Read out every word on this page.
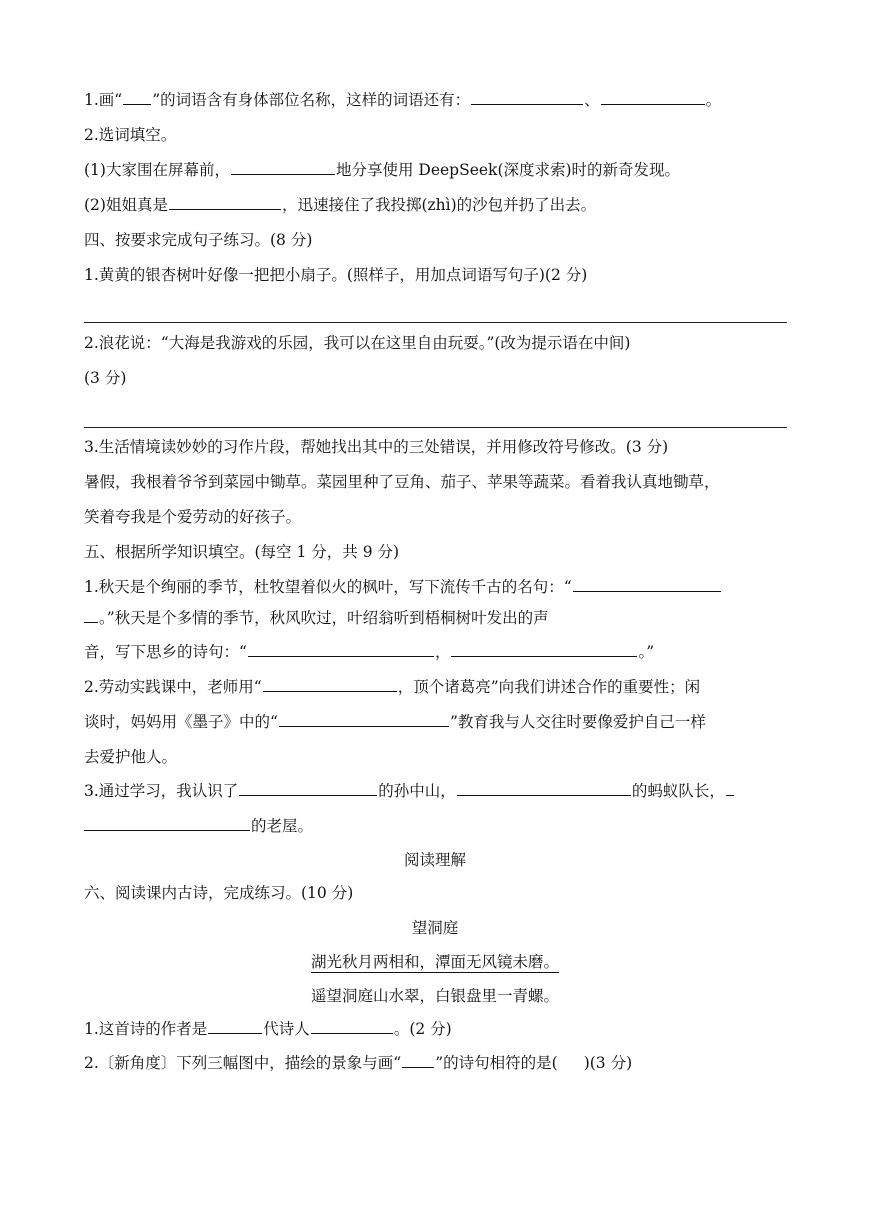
1.画“ ”的词语含有身体部位名称，这样的词语还有：	、	。
2.选词填空。
(1)大家围在屏幕前，	地分享使用 DeepSeek(深度求索)时的新奇发现。
(2)姐姐真是	，迅速接住了我投掷(zhì)的沙包并扔了出去。
四、按要求完成句子练习。(8 分)
1.黄黄的银杏树叶好 ·像 ·一把把小扇子。(照样子，用加点词语写句子)(2 分)
2.浪花说：“大海是我游戏的乐园，我可以在这里自由玩耍。”(改为提示语在中间)
(3 分)
3.生活情境读妙妙的习作片段，帮她找出其中的三处错误，并用修改符号修改。(3 分)
暑假，我根着爷爷到菜园中锄草。菜园里种了豆角、茄子、苹果等蔬菜。看着我认真地锄草，
笑着夸我是个爱劳动的好孩子。
五、根据所学知识填空。(每空 1 分，共 9 分)
1.秋天是个绚丽的季节，杜牧望着似火的枫叶，写下流传千古的名句：“
。”秋天是个多情的季节，秋风吹过，叶绍翁听到梧桐树叶发出的声
音，写下思乡的诗句：“	，	。”
2.劳动实践课中，老师用“	，顶个诸葛亮”向我们讲述合作的重要性；闲
谈时，妈妈用《墨子》中的“	”教育我与人交往时要像爱护自己一样
去爱护他人。
3.通过学习，我认识了	的孙中山，	的蚂蚁队长，
的老屋。
阅读理解
六、阅读课内古诗，完成练习。(10 分)
望洞庭
湖光秋月两相和，潭面无风镜未磨。
遥望洞庭山水翠，白银盘里一青螺。
1.这首诗的作者是	代诗人	。(2 分)
2.〔新角度〕下列三幅图中，描绘的景象与画“ ”的诗句相符的是( )(3 分)
